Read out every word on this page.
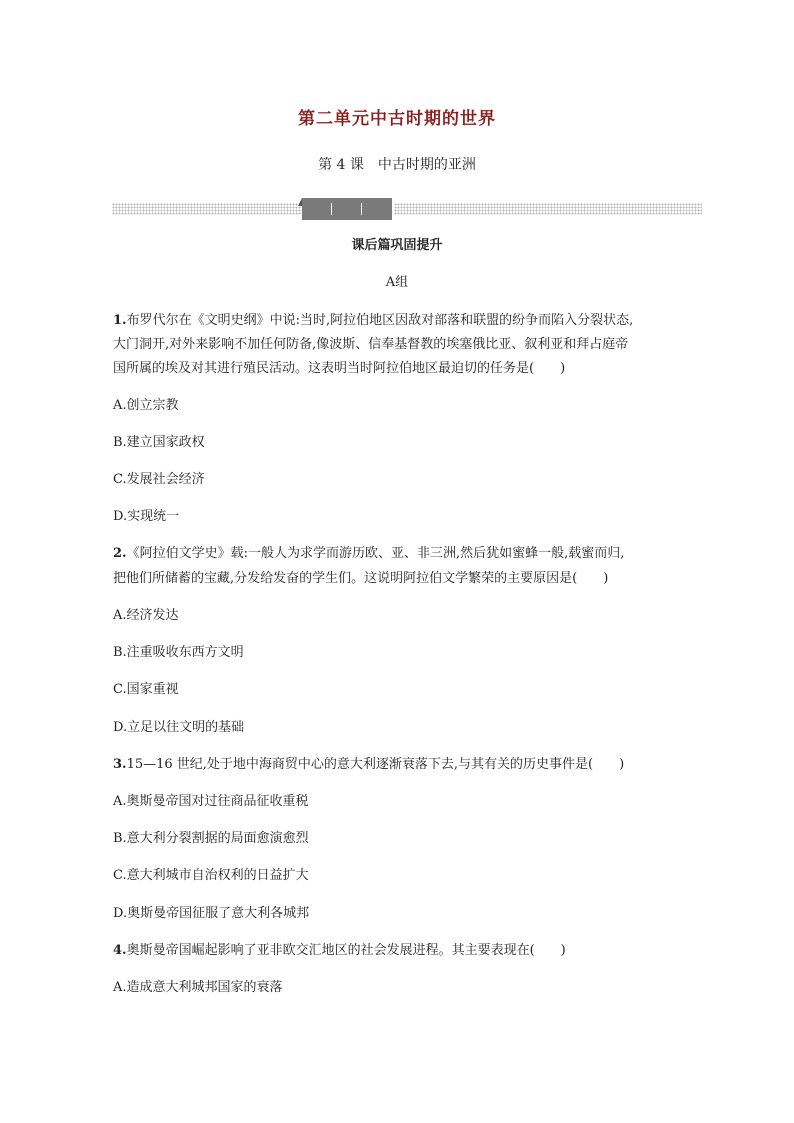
第二单元中古时期的世界
第 4 课　中古时期的亚洲
课后篇巩固提升
A组
1.布罗代尔在《文明史纲》中说:当时,阿拉伯地区因敌对部落和联盟的纷争而陷入分裂状态,
大门洞开,对外来影响不加任何防备,像波斯、信奉基督教的埃塞俄比亚、叙利亚和拜占庭帝
国所属的埃及对其进行殖民活动。这表明当时阿拉伯地区最迫切的任务是(　　)
A.创立宗教
B.建立国家政权
C.发展社会经济
D.实现统一
2.《阿拉伯文学史》载:一般人为求学而游历欧、亚、非三洲,然后犹如蜜蜂一般,载蜜而归,
把他们所储蓄的宝藏,分发给发奋的学生们。这说明阿拉伯文学繁荣的主要原因是(　　)
A.经济发达
B.注重吸收东西方文明
C.国家重视
D.立足以往文明的基础
3.15—16 世纪,处于地中海商贸中心的意大利逐渐衰落下去,与其有关的历史事件是(　　)
A.奥斯曼帝国对过往商品征收重税
B.意大利分裂割据的局面愈演愈烈
C.意大利城市自治权利的日益扩大
D.奥斯曼帝国征服了意大利各城邦
4.奥斯曼帝国崛起影响了亚非欧交汇地区的社会发展进程。其主要表现在(　　)
A.造成意大利城邦国家的衰落
